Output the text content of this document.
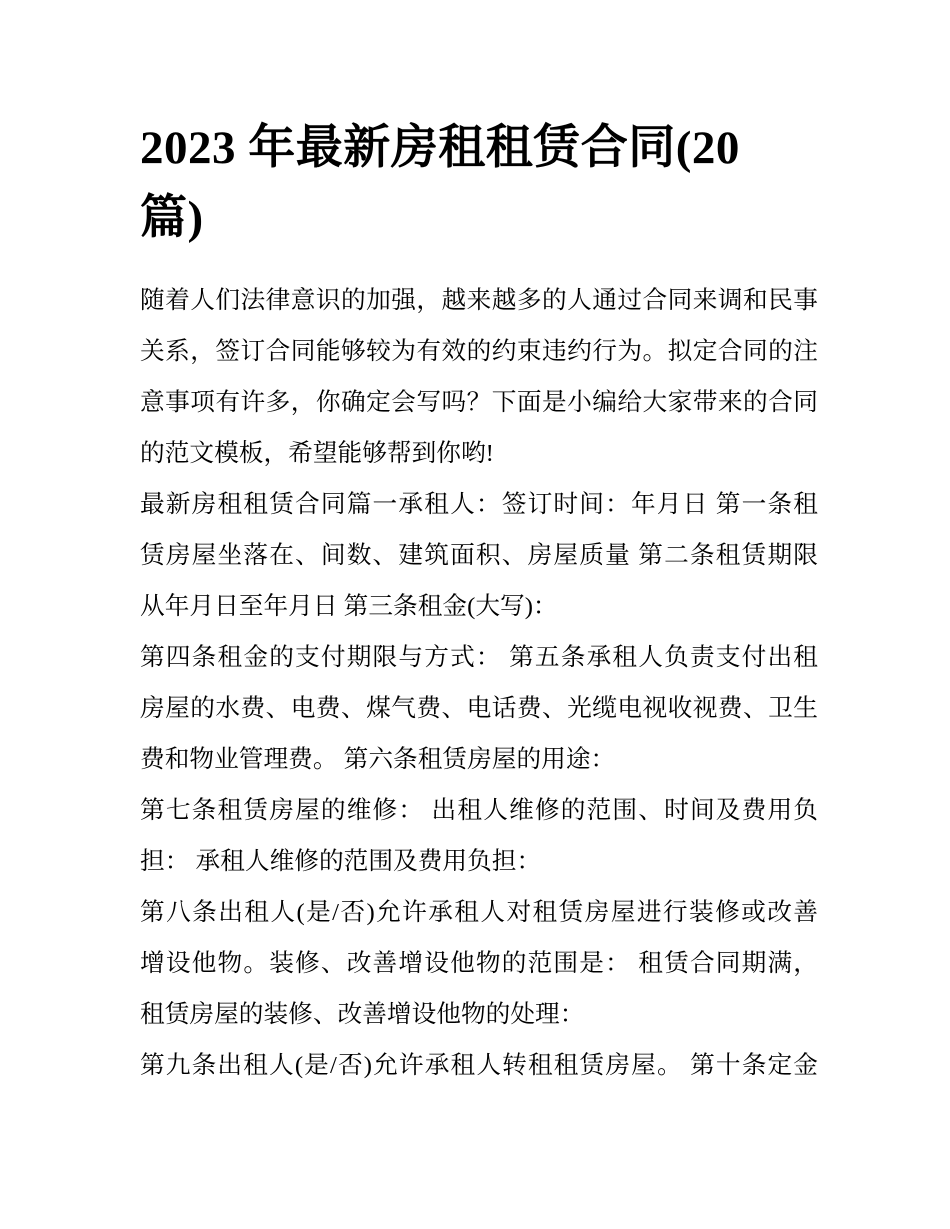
2023 年最新房租租赁合同(20
篇)

随着人们法律意识的加强，越来越多的人通过合同来调和民事
关系，签订合同能够较为有效的约束违约行为。拟定合同的注
意事项有许多，你确定会写吗？下面是小编给大家带来的合同
的范文模板，希望能够帮到你哟!

最新房租租赁合同篇一承租人：签订时间：年月日 第一条租
赁房屋坐落在、间数、建筑面积、房屋质量 第二条租赁期限
从年月日至年月日 第三条租金(大写)：

第四条租金的支付期限与方式： 第五条承租人负责支付出租
房屋的水费、电费、煤气费、电话费、光缆电视收视费、卫生
费和物业管理费。 第六条租赁房屋的用途：

第七条租赁房屋的维修： 出租人维修的范围、时间及费用负
担： 承租人维修的范围及费用负担：

第八条出租人(是/否)允许承租人对租赁房屋进行装修或改善
增设他物。装修、改善增设他物的范围是： 租赁合同期满，
租赁房屋的装修、改善增设他物的处理：

第九条出租人(是/否)允许承租人转租租赁房屋。 第十条定金
